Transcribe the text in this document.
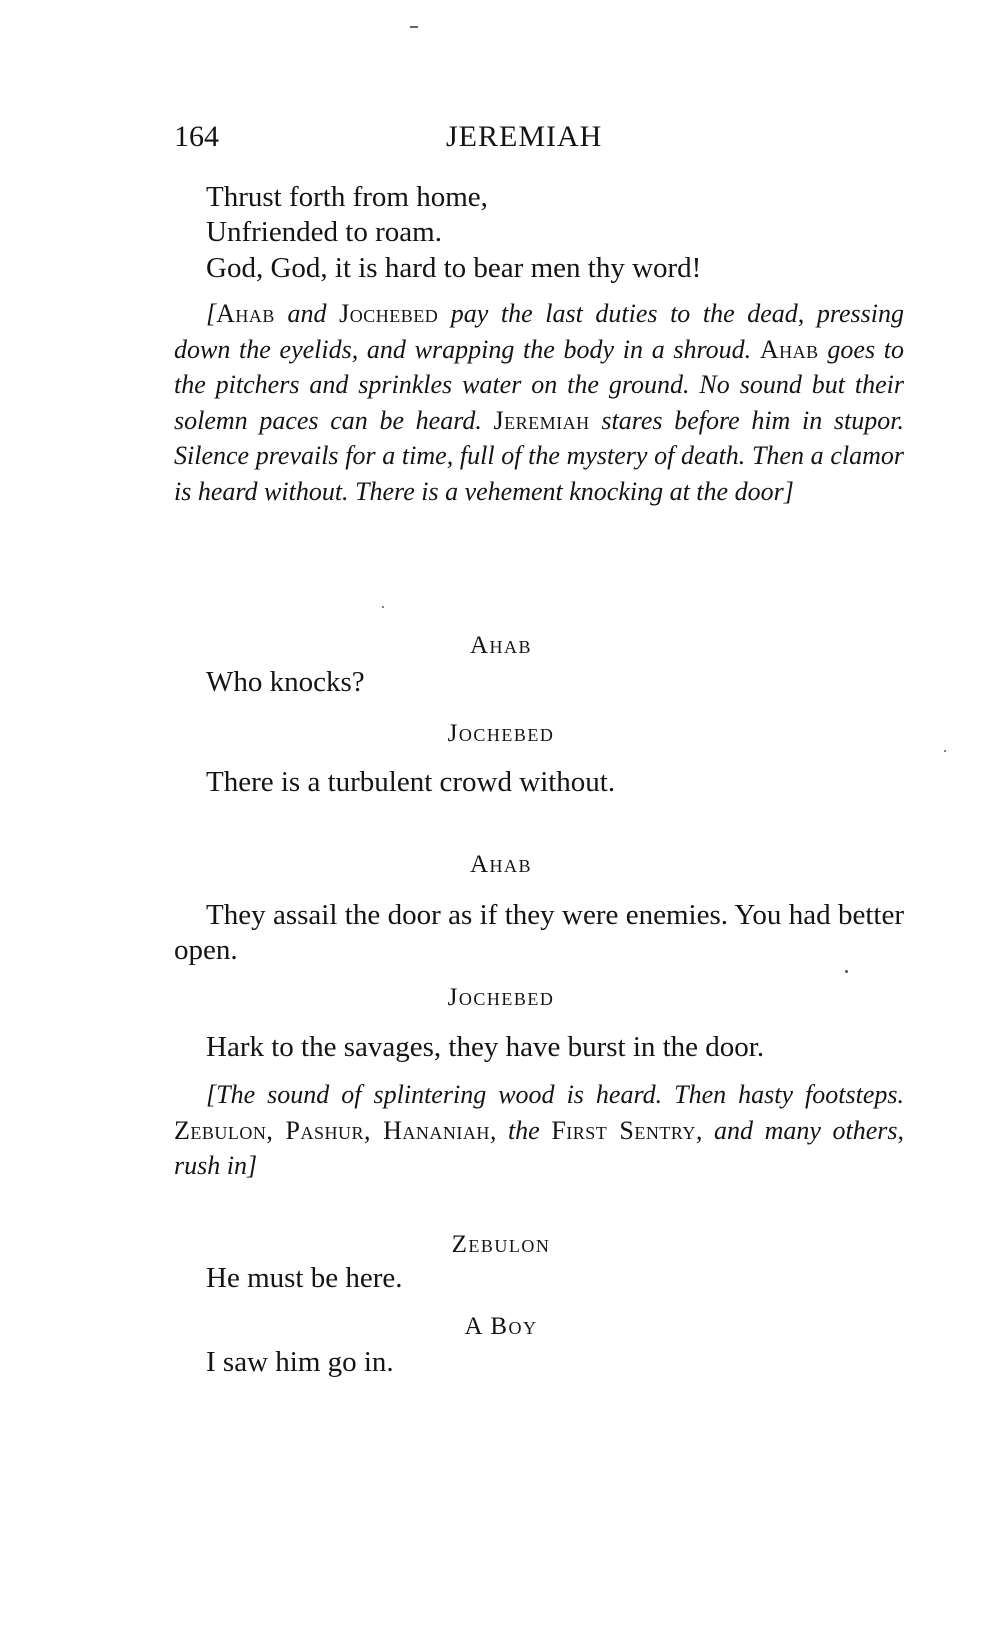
164	JEREMIAH
Thrust forth from home,
Unfriended to roam.
God, God, it is hard to bear men thy word!
[Ahab and Jochebed pay the last duties to the dead, pressing down the eyelids, and wrapping the body in a shroud. Ahab goes to the pitchers and sprinkles water on the ground. No sound but their solemn paces can be heard. Jeremiah stares before him in stupor. Silence prevails for a time, full of the mystery of death. Then a clamor is heard without. There is a vehement knocking at the door]
Ahab
Who knocks?
Jochebed
There is a turbulent crowd without.
Ahab
They assail the door as if they were enemies. You had better open.
Jochebed
Hark to the savages, they have burst in the door.
[The sound of splintering wood is heard. Then hasty footsteps. Zebulon, Pashur, Hananiah, the First Sentry, and many others, rush in]
Zebulon
He must be here.
A Boy
I saw him go in.
